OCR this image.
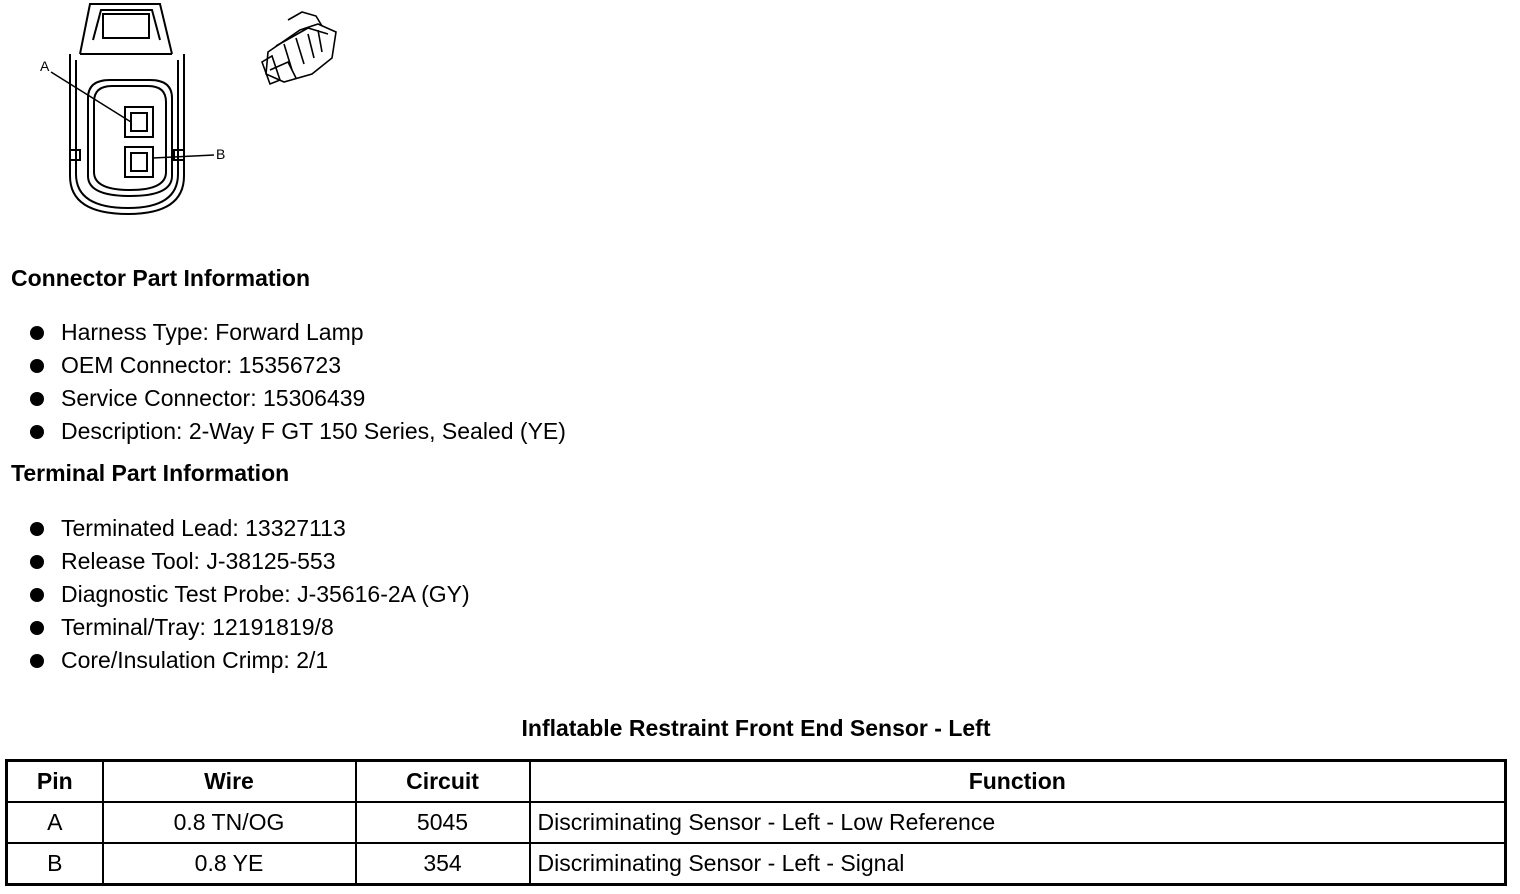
A
B
Connector Part Information
Harness Type: Forward Lamp
OEM Connector: 15356723
Service Connector: 15306439
Description: 2-Way F GT 150 Series, Sealed (YE)
Terminal Part Information
Terminated Lead: 13327113
Release Tool: J-38125-553
Diagnostic Test Probe: J-35616-2A (GY)
Terminal/Tray: 12191819/8
Core/Insulation Crimp: 2/1
Inflatable Restraint Front End Sensor - Left
Pin	Wire	Circuit	Function
A	0.8 TN/OG	5045	Discriminating Sensor - Left - Low Reference
B	0.8 YE	354	Discriminating Sensor - Left - Signal
